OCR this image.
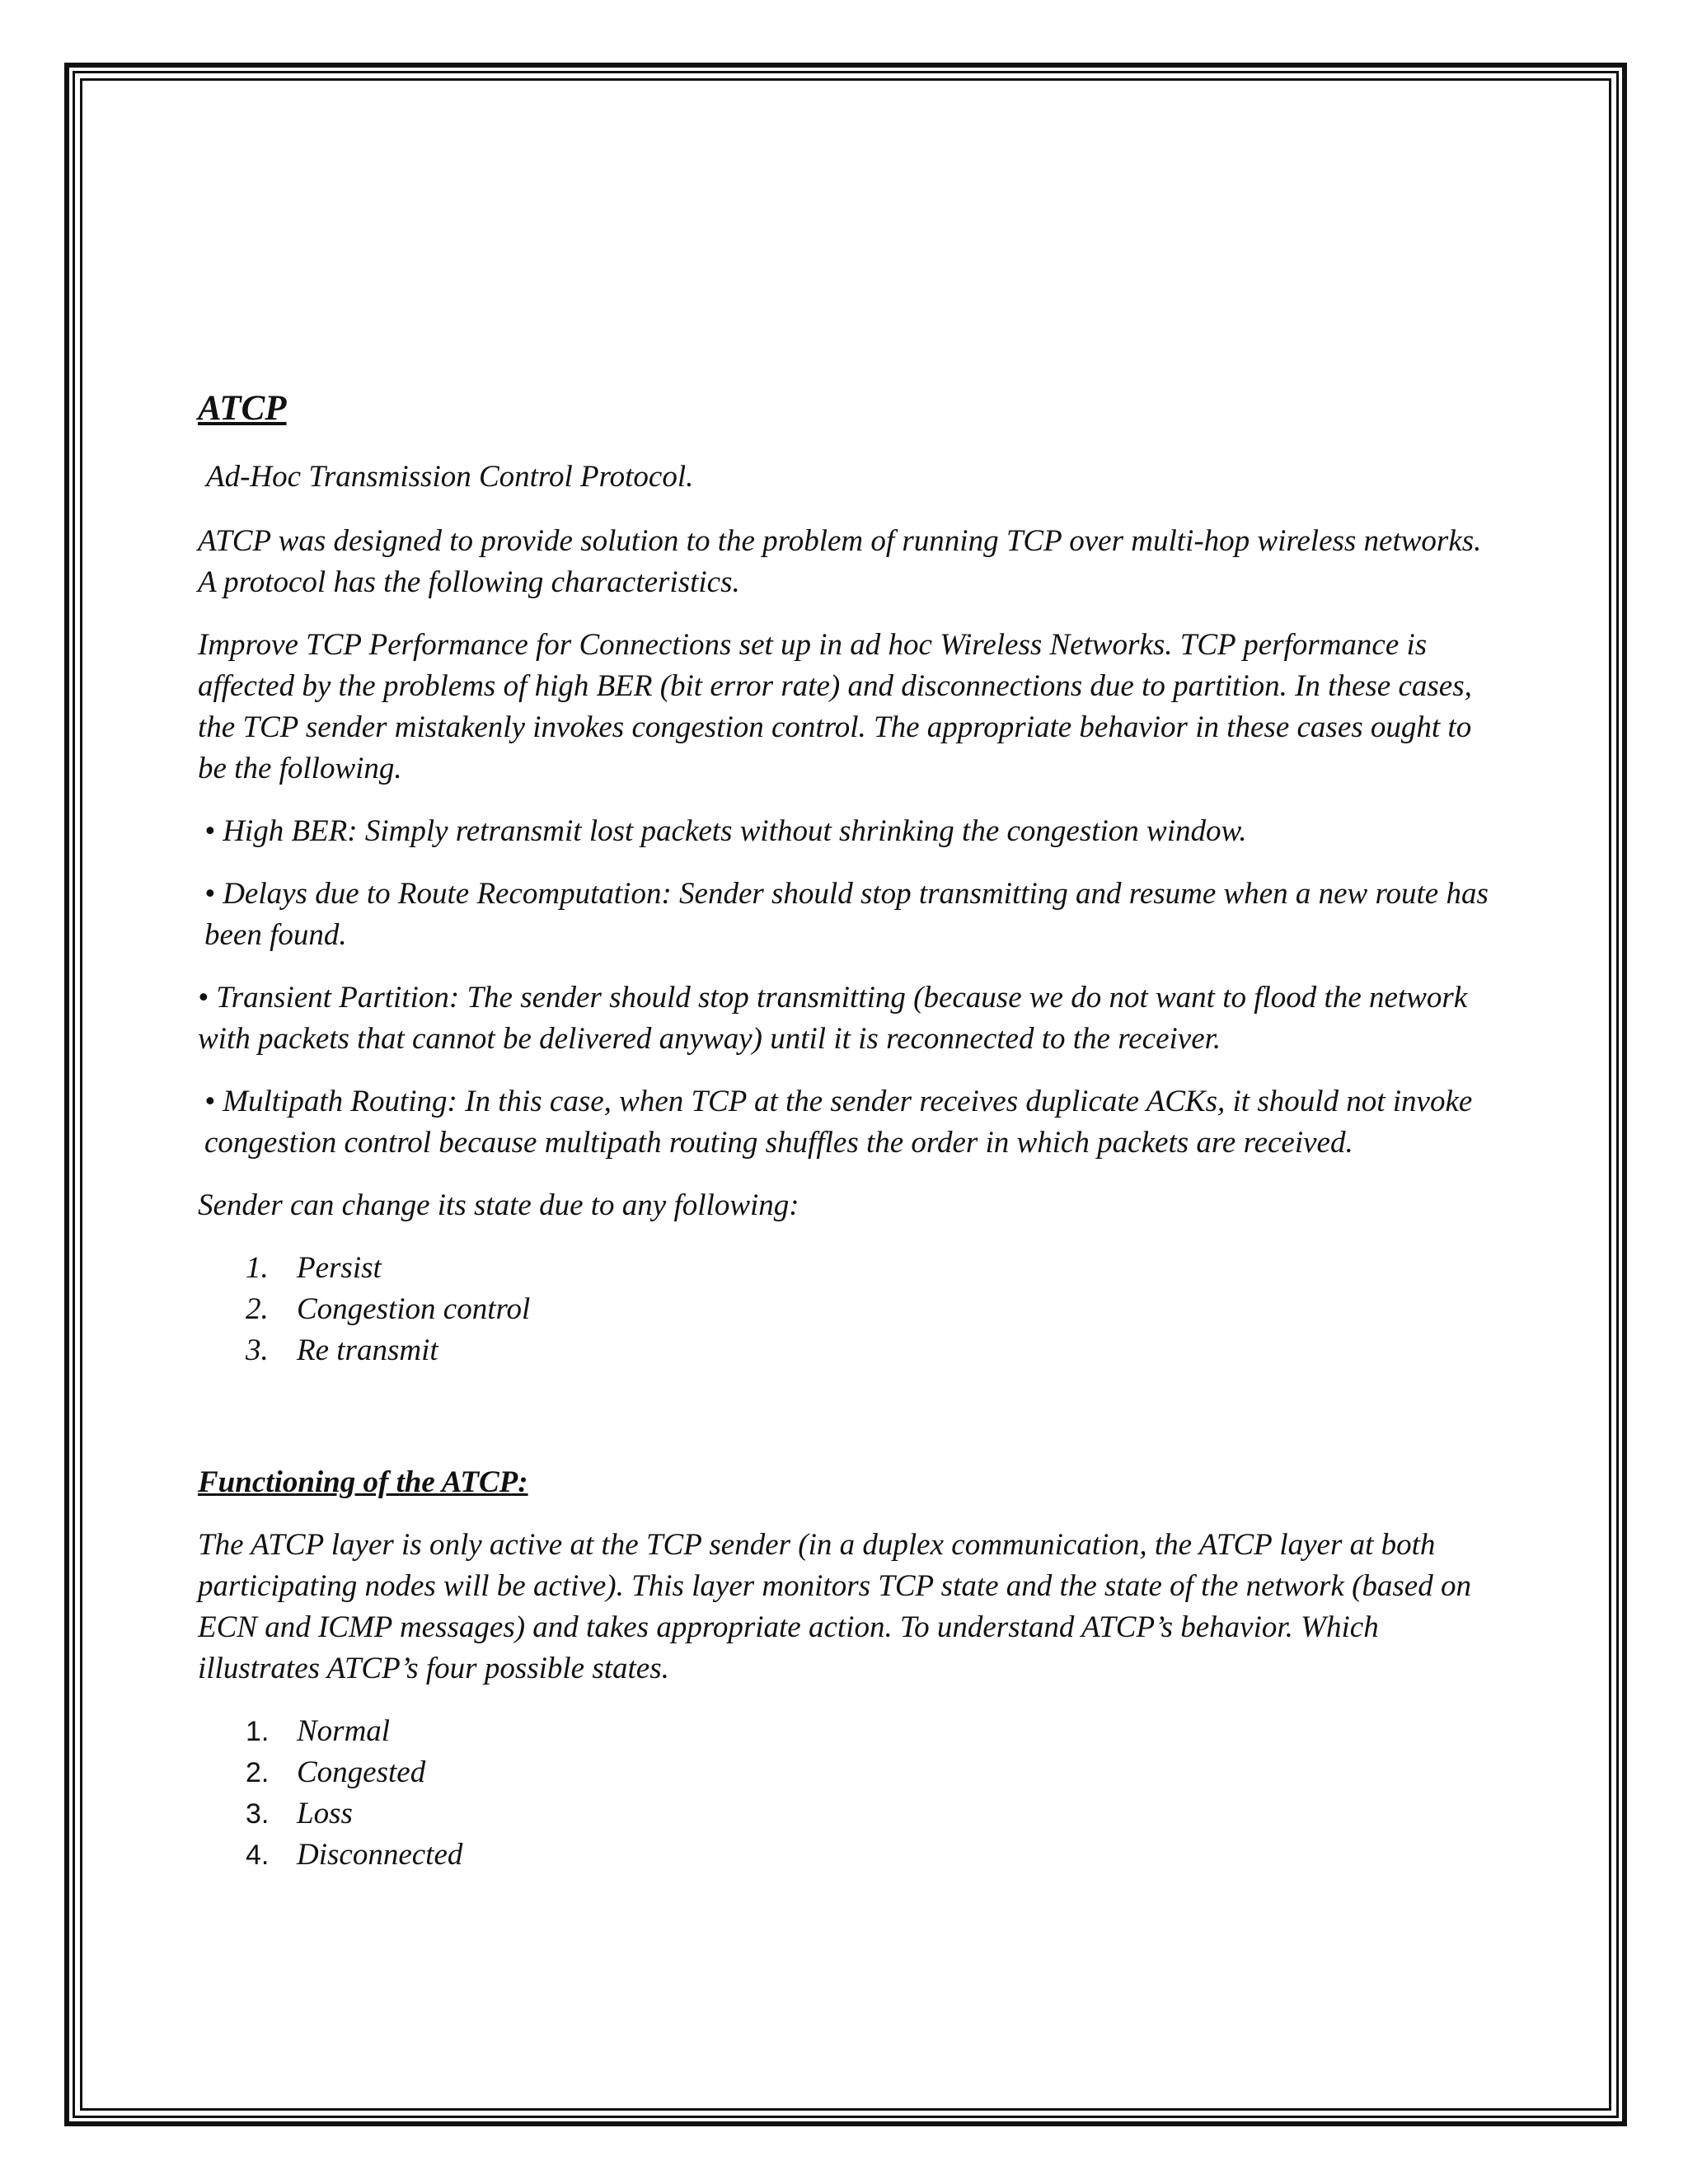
ATCP
Ad-Hoc Transmission Control Protocol.
ATCP was designed to provide solution to the problem of running TCP over multi-hop wireless networks. A protocol has the following characteristics.
Improve TCP Performance for Connections set up in ad hoc Wireless Networks. TCP performance is affected by the problems of high BER (bit error rate) and disconnections due to partition. In these cases, the TCP sender mistakenly invokes congestion control. The appropriate behavior in these cases ought to be the following.
• High BER: Simply retransmit lost packets without shrinking the congestion window.
• Delays due to Route Recomputation: Sender should stop transmitting and resume when a new route has been found.
• Transient Partition: The sender should stop transmitting (because we do not want to flood the network with packets that cannot be delivered anyway) until it is reconnected to the receiver.
• Multipath Routing: In this case, when TCP at the sender receives duplicate ACKs, it should not invoke congestion control because multipath routing shuffles the order in which packets are received.
Sender can change its state due to any following:
1. Persist
2. Congestion control
3. Re transmit
Functioning of the ATCP:
The ATCP layer is only active at the TCP sender (in a duplex communication, the ATCP layer at both participating nodes will be active). This layer monitors TCP state and the state of the network (based on ECN and ICMP messages) and takes appropriate action. To understand ATCP’s behavior. Which illustrates ATCP’s four possible states.
1. Normal
2. Congested
3. Loss
4. Disconnected
